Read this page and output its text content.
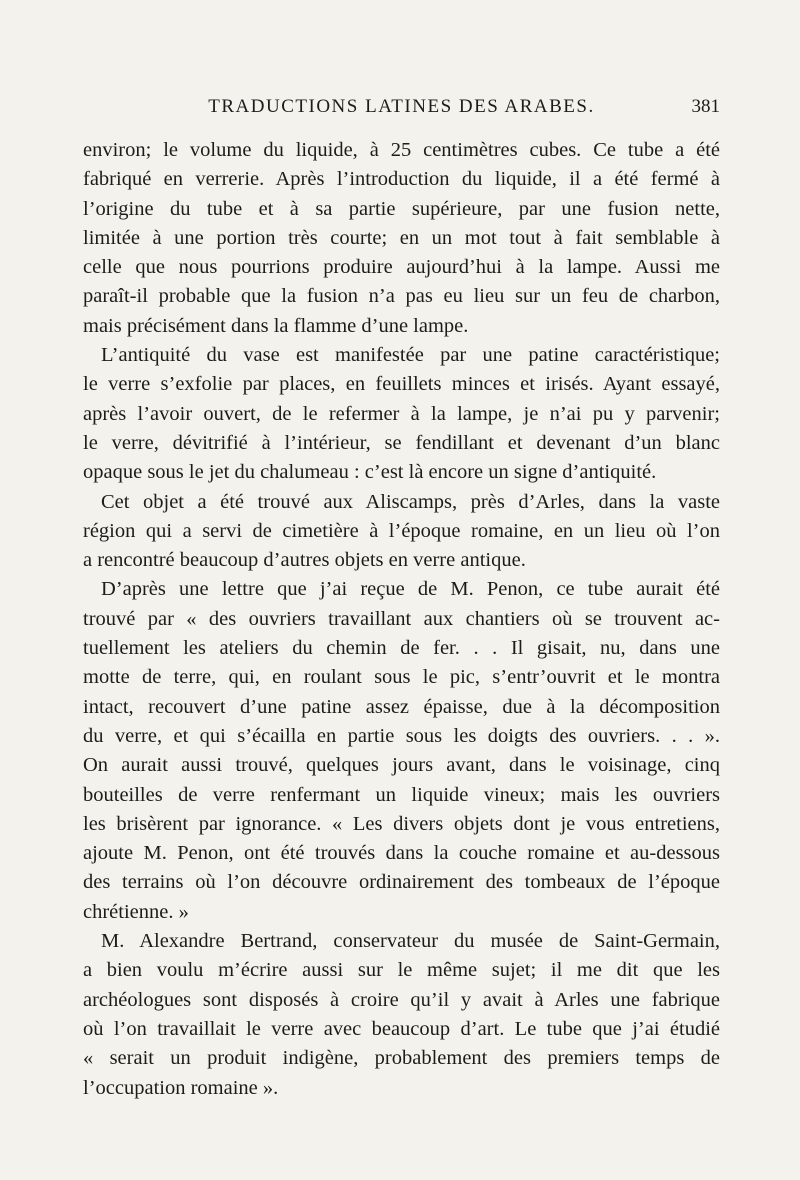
TRADUCTIONS LATINES DES ARABES.	381
environ; le volume du liquide, à 25 centimètres cubes. Ce tube a été
fabriqué en verrerie. Après l’introduction du liquide, il a été fermé à
l’origine du tube et à sa partie supérieure, par une fusion nette,
limitée à une portion très courte; en un mot tout à fait semblable à
celle que nous pourrions produire aujourd’hui à la lampe. Aussi me
paraît-il probable que la fusion n’a pas eu lieu sur un feu de charbon,
mais précisément dans la flamme d’une lampe.
L’antiquité du vase est manifestée par une patine caractéristique;
le verre s’exfolie par places, en feuillets minces et irisés. Ayant essayé,
après l’avoir ouvert, de le refermer à la lampe, je n’ai pu y parvenir;
le verre, dévitrifié à l’intérieur, se fendillant et devenant d’un blanc
opaque sous le jet du chalumeau : c’est là encore un signe d’antiquité.
Cet objet a été trouvé aux Aliscamps, près d’Arles, dans la vaste
région qui a servi de cimetière à l’époque romaine, en un lieu où l’on
a rencontré beaucoup d’autres objets en verre antique.
D’après une lettre que j’ai reçue de M. Penon, ce tube aurait été
trouvé par « des ouvriers travaillant aux chantiers où se trouvent ac-
tuellement les ateliers du chemin de fer. . . Il gisait, nu, dans une
motte de terre, qui, en roulant sous le pic, s’entr’ouvrit et le montra
intact, recouvert d’une patine assez épaisse, due à la décomposition
du verre, et qui s’écailla en partie sous les doigts des ouvriers. . . ».
On aurait aussi trouvé, quelques jours avant, dans le voisinage, cinq
bouteilles de verre renfermant un liquide vineux; mais les ouvriers
les brisèrent par ignorance. « Les divers objets dont je vous entretiens,
ajoute M. Penon, ont été trouvés dans la couche romaine et au-dessous
des terrains où l’on découvre ordinairement des tombeaux de l’époque
chrétienne. »
M. Alexandre Bertrand, conservateur du musée de Saint-Germain,
a bien voulu m’écrire aussi sur le même sujet; il me dit que les
archéologues sont disposés à croire qu’il y avait à Arles une fabrique
où l’on travaillait le verre avec beaucoup d’art. Le tube que j’ai étudié
« serait un produit indigène, probablement des premiers temps de
l’occupation romaine ».
